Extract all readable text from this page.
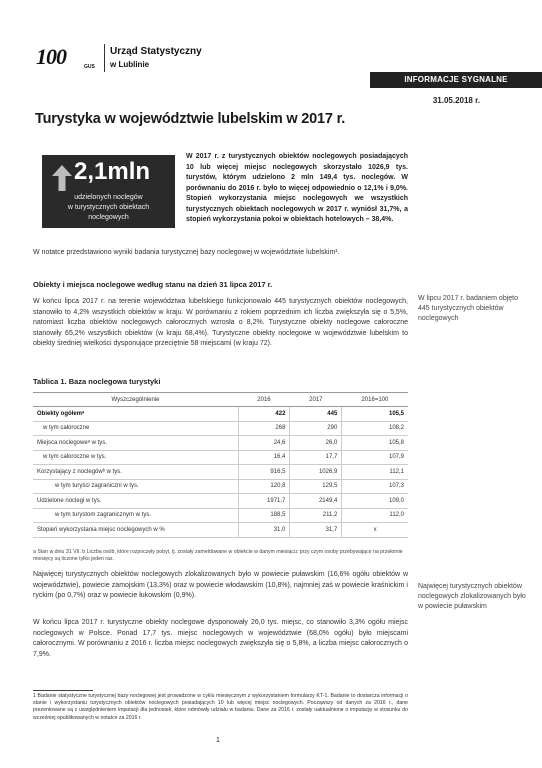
100	GUS
Urząd Statystyczny
w Lublinie
INFORMACJE SYGNALNE
31.05.2018 r.
Turystyka w województwie lubelskim w 2017 r.
2,1mln
udzielonych noclegów
w turystycznych obiektach
noclegowych

W 2017 r. z turystycznych obiektów noclegowych posiadających 10 lub więcej miejsc noclegowych skorzystało 1026,9 tys. turystów, którym udzielono 2 mln 149,4 tys. noclegów. W porównaniu do 2016 r. było to więcej odpowiednio o 12,1% i 9,0%. Stopień wykorzystania miejsc noclegowych we wszystkich turystycznych obiektach noclegowych w 2017 r. wyniósł 31,7%, a stopień wykorzystania pokoi w obiektach hotelowych – 38,4%.

W notatce przedstawiono wyniki badania turystycznej bazy noclegowej w województwie lubelskim¹.

Obiekty i miejsca noclegowe według stanu na dzień 31 lipca 2017 r.

W końcu lipca 2017 r. na terenie województwa lubelskiego funkcjonowało 445 turystycznych obiektów noclegowych, stanowiło to 4,2% wszystkich obiektów w kraju. W porównaniu z rokiem poprzednim ich liczba zwiększyła się o 5,5%, natomiast liczba obiektów noclegowych całorocznych wzrosła o 8,2%. Turystyczne obiekty noclegowe całoroczne stanowiły 65,2% wszystkich obiektów (w kraju 68,4%). Turystyczne obiekty noclegowe w województwie lubelskim to obiekty średniej wielkości dysponujące przeciętnie 58 miejscami (w kraju 72).

W lipcu 2017 r. badaniem objęto 445 turystycznych obiektów noclegowych

Tablica 1. Baza noclegowa turystyki
Wyszczególnienie	2016	2017	2016=100
Obiekty ogółemᵃ	422	445	105,5
w tym całoroczne	268	290	108,2
Miejsca noclegoweᵃ w tys.	24,6	26,0	105,8
w tym całoroczne w tys.	16,4	17,7	107,9
Korzystający z noclegówᵇ w tys.	916,5	1026,9	112,1
w tym turyści zagraniczni w tys.	120,8	129,5	107,3
Udzielone noclegi w tys.	1971,7	2149,4	109,0
w tym turystom zagranicznym w tys.	188,5	211,2	112,0
Stopień wykorzystania miejsc noclegowych w %	31,0	31,7	x

a Stan w dniu 31 VII. b Liczba osób, które rozpoczęły pobyt, tj. zostały zameldowane w obiekcie w danym miesiącu; przy czym osoby przebywające na przełomie miesięcy są liczone tylko jeden raz.

Najwięcej turystycznych obiektów noclegowych zlokalizowanych było w powiecie puławskim (16,6% ogółu obiektów w województwie), powiecie zamojskim (13,3%) oraz w powiecie włodawskim (10,8%), najmniej zaś w powiecie kraśnickim i ryckim (po 0,7%) oraz w powiecie łukowskim (0,9%).

Najwięcej turystycznych obiektów noclegowych zlokalizowanych było w powiecie puławskim

W końcu lipca 2017 r. turystyczne obiekty noclegowe dysponowały 26,0 tys. miejsc, co stanowiło 3,3% ogółu miejsc noclegowych w Polsce. Ponad 17,7 tys. miejsc noclegowych w województwie (68,0% ogółu) było miejscami całorocznymi. W porównaniu z 2016 r. liczba miejsc noclegowych zwiększyła się o 5,8%, a liczba miejsc całorocznych o 7,9%.

1 Badanie statystyczne turystycznej bazy noclegowej jest prowadzone w cyklu miesięcznym z wykorzystaniem formularzy KT-1. Badanie to dostarcza informacji o stanie i wykorzystaniu turystycznych obiektów noclegowych posiadających 10 lub więcej miejsc noclegowych. Począwszy od danych za 2016 r., dane prezentowane są z uwzględnieniem imputacji dla jednostek, które odmówiły udziału w badaniu. Dane za 2016 r. zostały uaktualnione o imputację w stosunku do wcześniej opublikowanych w notatce za 2016 r.

1
